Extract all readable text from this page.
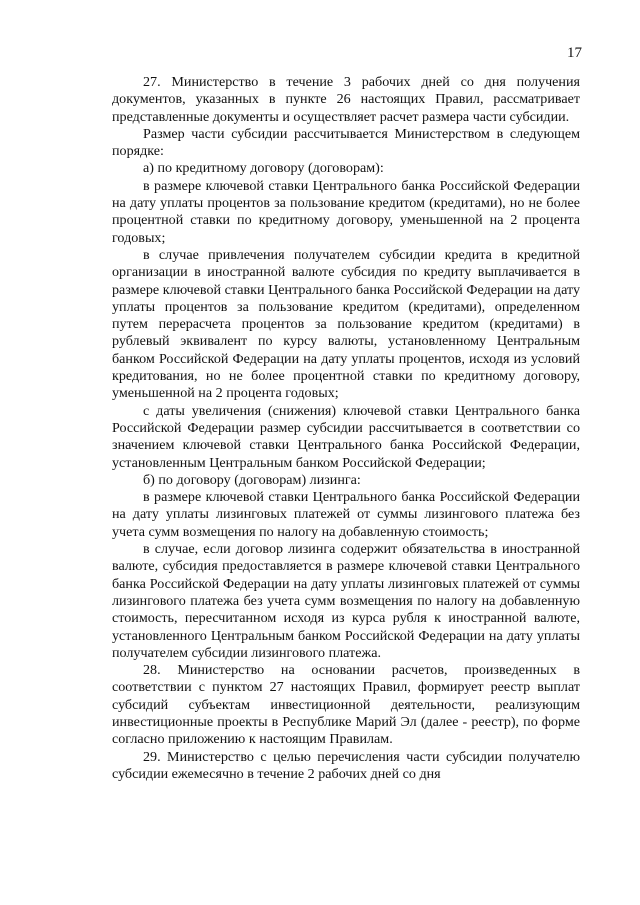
17

27. Министерство в течение 3 рабочих дней со дня получения документов, указанных в пункте 26 настоящих Правил, рассматривает представленные документы и осуществляет расчет размера части субсидии.

Размер части субсидии рассчитывается Министерством в следующем порядке:

а) по кредитному договору (договорам):

в размере ключевой ставки Центрального банка Российской Федерации на дату уплаты процентов за пользование кредитом (кредитами), но не более процентной ставки по кредитному договору, уменьшенной на 2 процента годовых;

в случае привлечения получателем субсидии кредита в кредитной организации в иностранной валюте субсидия по кредиту выплачивается в размере ключевой ставки Центрального банка Российской Федерации на дату уплаты процентов за пользование кредитом (кредитами), определенном путем перерасчета процентов за пользование кредитом (кредитами) в рублевый эквивалент по курсу валюты, установленному Центральным банком Российской Федерации на дату уплаты процентов, исходя из условий кредитования, но не более процентной ставки по кредитному договору, уменьшенной на 2 процента годовых;

с даты увеличения (снижения) ключевой ставки Центрального банка Российской Федерации размер субсидии рассчитывается в соответствии со значением ключевой ставки Центрального банка Российской Федерации, установленным Центральным банком Российской Федерации;

б) по договору (договорам) лизинга:

в размере ключевой ставки Центрального банка Российской Федерации на дату уплаты лизинговых платежей от суммы лизингового платежа без учета сумм возмещения по налогу на добавленную стоимость;

в случае, если договор лизинга содержит обязательства в иностранной валюте, субсидия предоставляется в размере ключевой ставки Центрального банка Российской Федерации на дату уплаты лизинговых платежей от суммы лизингового платежа без учета сумм возмещения по налогу на добавленную стоимость, пересчитанном исходя из курса рубля к иностранной валюте, установленного Центральным банком Российской Федерации на дату уплаты получателем субсидии лизингового платежа.

28. Министерство на основании расчетов, произведенных в соответствии с пунктом 27 настоящих Правил, формирует реестр выплат субсидий субъектам инвестиционной деятельности, реализующим инвестиционные проекты в Республике Марий Эл (далее - реестр), по форме согласно приложению к настоящим Правилам.

29. Министерство с целью перечисления части субсидии получателю субсидии ежемесячно в течение 2 рабочих дней со дня
